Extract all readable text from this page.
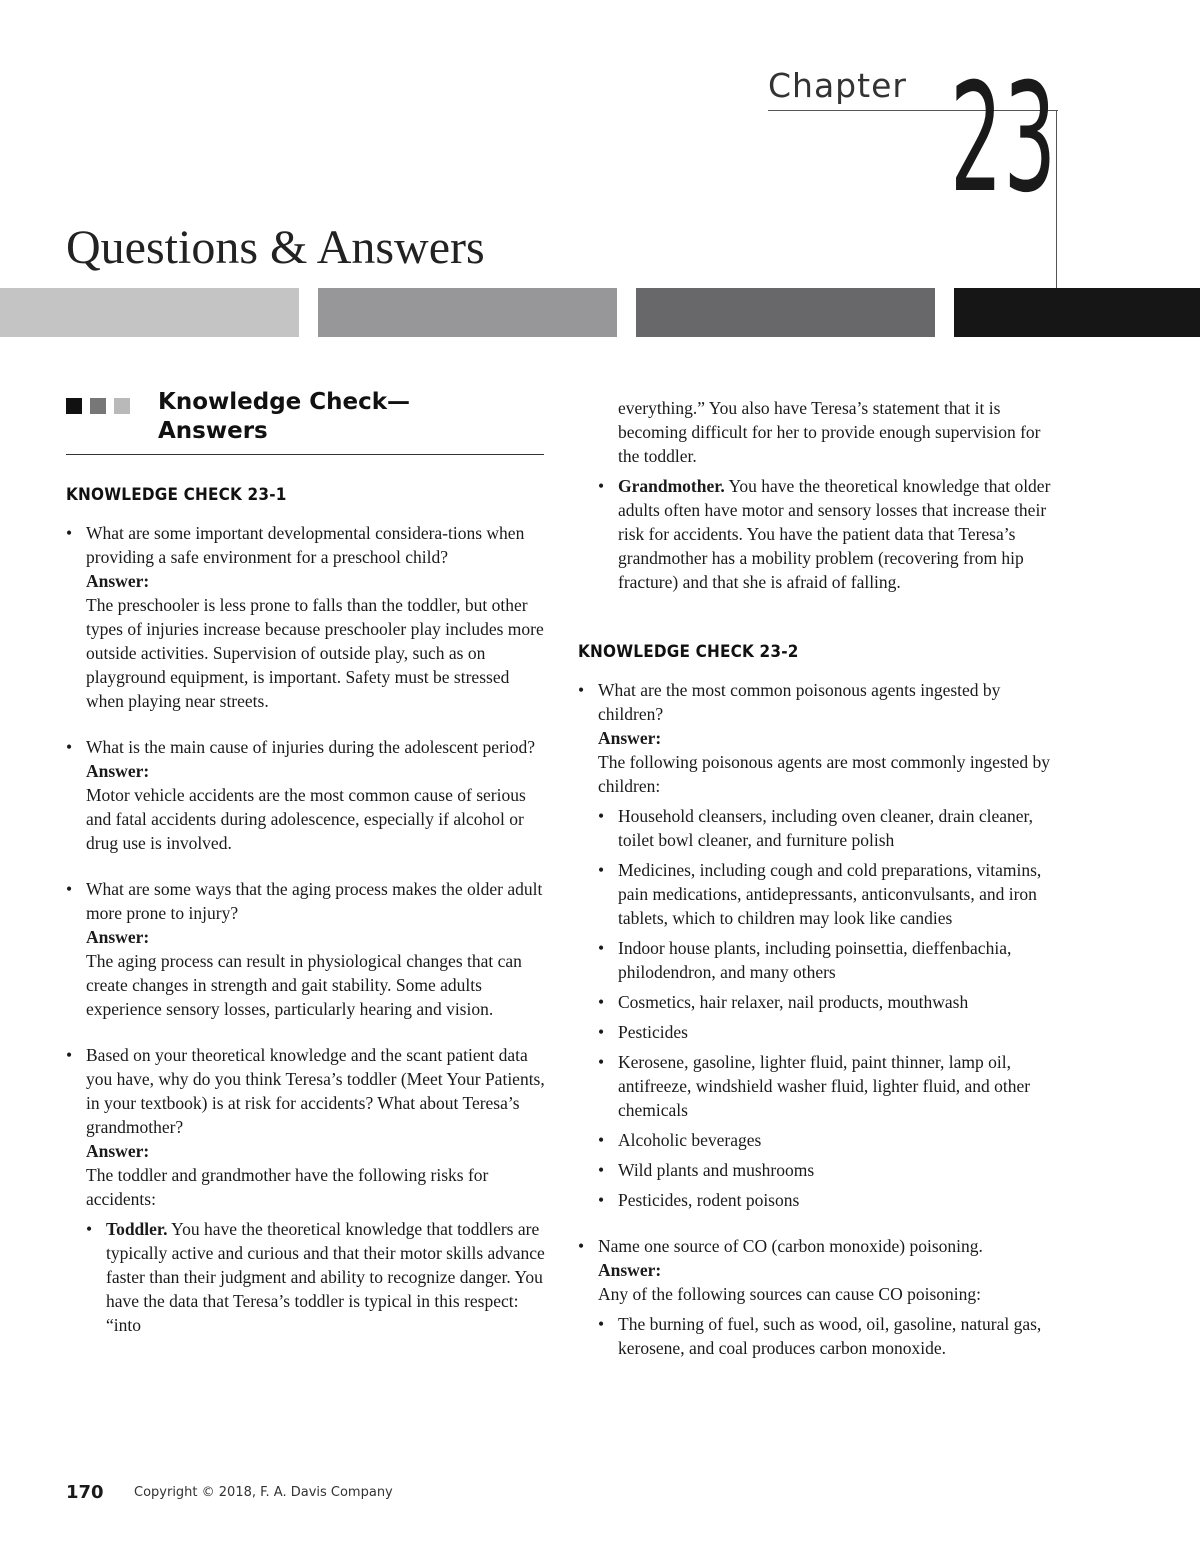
Chapter 23
Questions & Answers
Knowledge Check—
Answers
KNOWLEDGE CHECK 23-1

• What are some important developmental considera-tions when providing a safe environment for a preschool child?

Answer:

The preschooler is less prone to falls than the toddler, but other types of injuries increase because preschooler play includes more outside activities. Supervision of outside play, such as on playground equipment, is important. Safety must be stressed when playing near streets.

• What is the main cause of injuries during the adolescent period?

Answer:

Motor vehicle accidents are the most common cause of serious and fatal accidents during adolescence, especially if alcohol or drug use is involved.

• What are some ways that the aging process makes the older adult more prone to injury?

Answer:

The aging process can result in physiological changes that can create changes in strength and gait stability. Some adults experience sensory losses, particularly hearing and vision.

• Based on your theoretical knowledge and the scant patient data you have, why do you think Teresa’s toddler (Meet Your Patients, in your textbook) is at risk for accidents? What about Teresa’s grandmother?

Answer:

The toddler and grandmother have the following risks for accidents:

• Toddler. You have the theoretical knowledge that toddlers are typically active and curious and that their motor skills advance faster than their judgment and ability to recognize danger. You have the data that Teresa’s toddler is typical in this respect: “into
everything.” You also have Teresa’s statement that it is becoming difficult for her to provide enough supervision for the toddler.
• Grandmother. You have the theoretical knowledge that older adults often have motor and sensory losses that increase their risk for accidents. You have the patient data that Teresa’s grandmother has a mobility problem (recovering from hip fracture) and that she is afraid of falling.
KNOWLEDGE CHECK 23-2

• What are the most common poisonous agents ingested by children?

Answer:

The following poisonous agents are most commonly ingested by children:

• Household cleansers, including oven cleaner, drain cleaner, toilet bowl cleaner, and furniture polish
• Medicines, including cough and cold preparations, vitamins, pain medications, antidepressants, anticonvulsants, and iron tablets, which to children may look like candies
• Indoor house plants, including poinsettia, dieffenbachia, philodendron, and many others
• Cosmetics, hair relaxer, nail products, mouthwash
• Pesticides
• Kerosene, gasoline, lighter fluid, paint thinner, lamp oil, antifreeze, windshield washer fluid, lighter fluid, and other chemicals
• Alcoholic beverages
• Wild plants and mushrooms
• Pesticides, rodent poisons

• Name one source of CO (carbon monoxide) poisoning.

Answer:

Any of the following sources can cause CO poisoning:

• The burning of fuel, such as wood, oil, gasoline, natural gas, kerosene, and coal produces carbon monoxide.
170 Copyright © 2018, F. A. Davis Company
